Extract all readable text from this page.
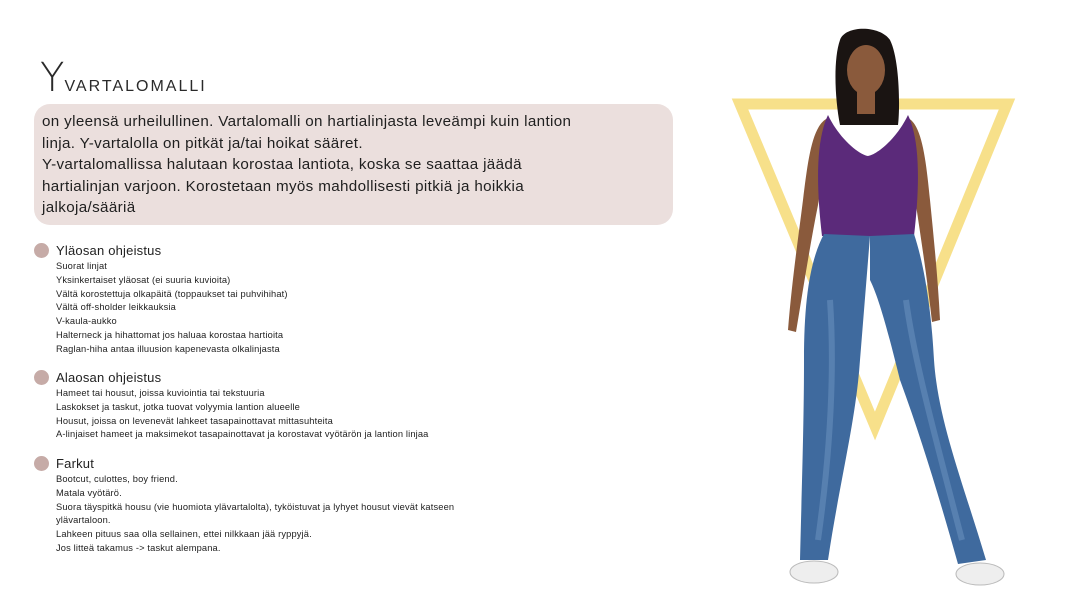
Y VARTALOMALLI
on yleensä urheilullinen. Vartalomalli on hartialinjasta leveämpi kuin lantion
linja. Y-vartalolla on pitkät ja/tai hoikat sääret.
Y-vartalomallissa halutaan korostaa lantiota, koska se saattaa jäädä
hartialinjan varjoon. Korostetaan myös mahdollisesti pitkiä ja hoikkia
jalkoja/sääriä
Yläosan ohjeistus
Suorat linjat
Yksinkertaiset yläosat (ei suuria kuvioita)
Vältä korostettuja olkapäitä (toppaukset tai puhvihihat)
Vältä off-sholder leikkauksia
V-kaula-aukko
Halterneck ja hihattomat jos haluaa korostaa hartioita
Raglan-hiha antaa illuusion kapenevasta olkalinjasta
Alaosan ohjeistus
Hameet tai housut, joissa kuviointia tai tekstuuria
Laskokset ja taskut, jotka tuovat volyymia lantion alueelle
Housut, joissa on levenevät lahkeet tasapainottavat mittasuhteita
A-linjaiset hameet ja maksimekot tasapainottavat ja korostavat vyötärön ja lantion linjaa
Farkut
Bootcut, culottes, boy friend.
Matala vyötärö.
Suora täyspitkä housu (vie huomiota ylävartalolta), tyköistuvat ja lyhyet housut vievät katseen
ylävartaloon.
Lahkeen pituus saa olla sellainen, ettei nilkkaan jää ryppyjä.
Jos litteä takamus -> taskut alempana.
